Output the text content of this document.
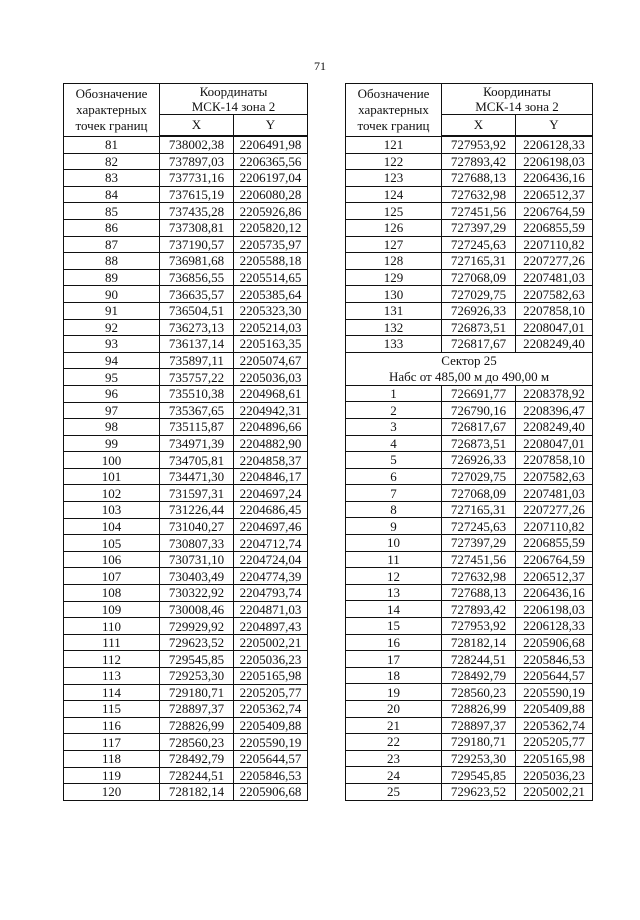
71
Обозначение характерных точек границ	Координаты
МСК-14 зона 2	

	X	Y
81	738002,38	2206491,98
82	737897,03	2206365,56
83	737731,16	2206197,04
84	737615,19	2206080,28
85	737435,28	2205926,86
86	737308,81	2205820,12
87	737190,57	2205735,97
88	736981,68	2205588,18
89	736856,55	2205514,65
90	736635,57	2205385,64
91	736504,51	2205323,30
92	736273,13	2205214,03
93	736137,14	2205163,35
94	735897,11	2205074,67
95	735757,22	2205036,03
96	735510,38	2204968,61
97	735367,65	2204942,31
98	735115,87	2204896,66
99	734971,39	2204882,90
100	734705,81	2204858,37
101	734471,30	2204846,17
102	731597,31	2204697,24
103	731226,44	2204686,45
104	731040,27	2204697,46
105	730807,33	2204712,74
106	730731,10	2204724,04
107	730403,49	2204774,39
108	730322,92	2204793,74
109	730008,46	2204871,03
110	729929,92	2204897,43
111	729623,52	2205002,21
112	729545,85	2205036,23
113	729253,30	2205165,98
114	729180,71	2205205,77
115	728897,37	2205362,74
116	728826,99	2205409,88
117	728560,23	2205590,19
118	728492,79	2205644,57
119	728244,51	2205846,53
120	728182,14	2205906,68
Обозначение характерных точек границ	Координаты
МСК-14 зона 2	

	X	Y
121	727953,92	2206128,33
122	727893,42	2206198,03
123	727688,13	2206436,16
124	727632,98	2206512,37
125	727451,56	2206764,59
126	727397,29	2206855,59
127	727245,63	2207110,82
128	727165,31	2207277,26
129	727068,09	2207481,03
130	727029,75	2207582,63
131	726926,33	2207858,10
132	726873,51	2208047,01
133	726817,67	2208249,40

Сектор 25
Набс от 485,00 м до 490,00 м		

1	726691,77	2208378,92
2	726790,16	2208396,47
3	726817,67	2208249,40
4	726873,51	2208047,01
5	726926,33	2207858,10
6	727029,75	2207582,63
7	727068,09	2207481,03
8	727165,31	2207277,26
9	727245,63	2207110,82
10	727397,29	2206855,59
11	727451,56	2206764,59
12	727632,98	2206512,37
13	727688,13	2206436,16
14	727893,42	2206198,03
15	727953,92	2206128,33
16	728182,14	2205906,68
17	728244,51	2205846,53
18	728492,79	2205644,57
19	728560,23	2205590,19
20	728826,99	2205409,88
21	728897,37	2205362,74
22	729180,71	2205205,77
23	729253,30	2205165,98
24	729545,85	2205036,23
25	729623,52	2205002,21
